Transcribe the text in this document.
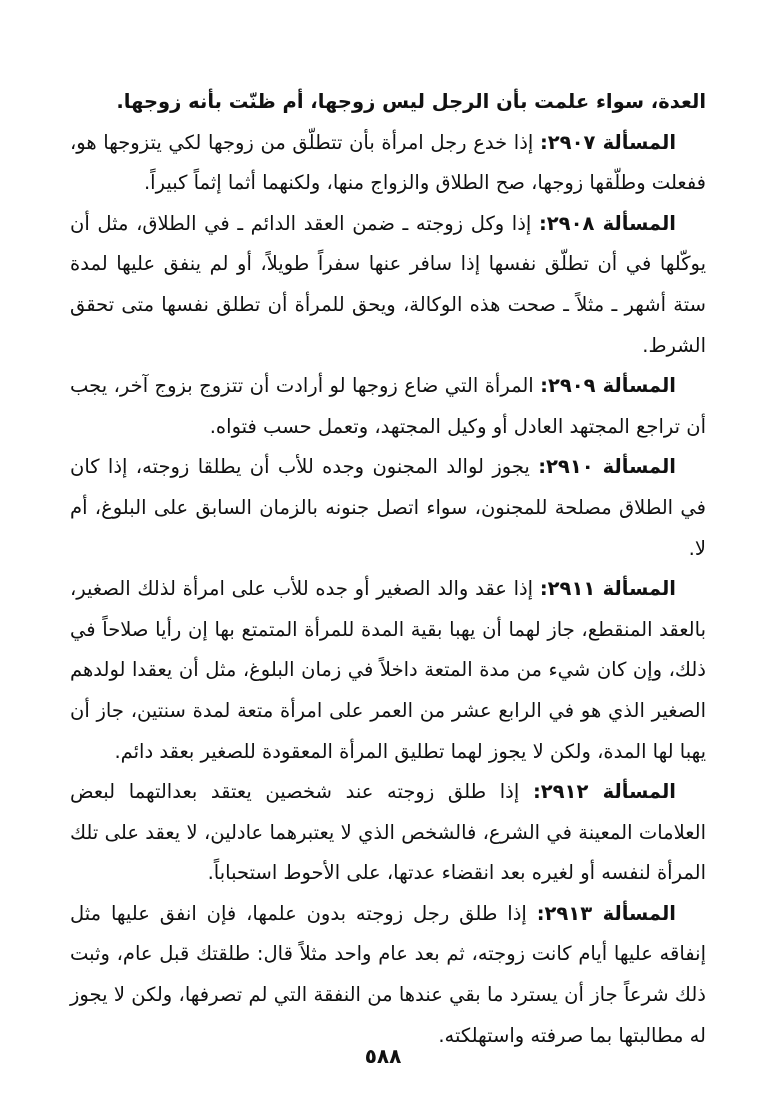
العدة، سواء علمت بأن الرجل ليس زوجها، أم ظنّت بأنه زوجها.

المسألة ٢٩٠٧: إذا خدع رجل امرأة بأن تتطلّق من زوجها لكي يتزوجها هو، ففعلت وطلّقها زوجها، صح الطلاق والزواج منها، ولكنهما أثما إثماً كبيراً.

المسألة ٢٩٠٨: إذا وكل زوجته ـ ضمن العقد الدائم ـ في الطلاق، مثل أن يوكّلها في أن تطلّق نفسها إذا سافر عنها سفراً طويلاً، أو لم ينفق عليها لمدة ستة أشهر ـ مثلاً ـ صحت هذه الوكالة، ويحق للمرأة أن تطلق نفسها متى تحقق الشرط.

المسألة ٢٩٠٩: المرأة التي ضاع زوجها لو أرادت أن تتزوج بزوج آخر، يجب أن تراجع المجتهد العادل أو وكيل المجتهد، وتعمل حسب فتواه.

المسألة ٢٩١٠: يجوز لوالد المجنون وجده للأب أن يطلقا زوجته، إذا كان في الطلاق مصلحة للمجنون، سواء اتصل جنونه بالزمان السابق على البلوغ، أم لا.

المسألة ٢٩١١: إذا عقد والد الصغير أو جده للأب على امرأة لذلك الصغير، بالعقد المنقطع، جاز لهما أن يهبا بقية المدة للمرأة المتمتع بها إن رأيا صلاحاً في ذلك، وإن كان شيء من مدة المتعة داخلاً في زمان البلوغ، مثل أن يعقدا لولدهم الصغير الذي هو في الرابع عشر من العمر على امرأة متعة لمدة سنتين، جاز أن يهبا لها المدة، ولكن لا يجوز لهما تطليق المرأة المعقودة للصغير بعقد دائم.

المسألة ٢٩١٢: إذا طلق زوجته عند شخصين يعتقد بعدالتهما لبعض العلامات المعينة في الشرع، فالشخص الذي لا يعتبرهما عادلين، لا يعقد على تلك المرأة لنفسه أو لغيره بعد انقضاء عدتها، على الأحوط استحباباً.

المسألة ٢٩١٣: إذا طلق رجل زوجته بدون علمها، فإن انفق عليها مثل إنفاقه عليها أيام كانت زوجته، ثم بعد عام واحد مثلاً قال: طلقتك قبل عام، وثبت ذلك شرعاً جاز أن يسترد ما بقي عندها من النفقة التي لم تصرفها، ولكن لا يجوز له مطالبتها بما صرفته واستهلكته.

٥٨٨
